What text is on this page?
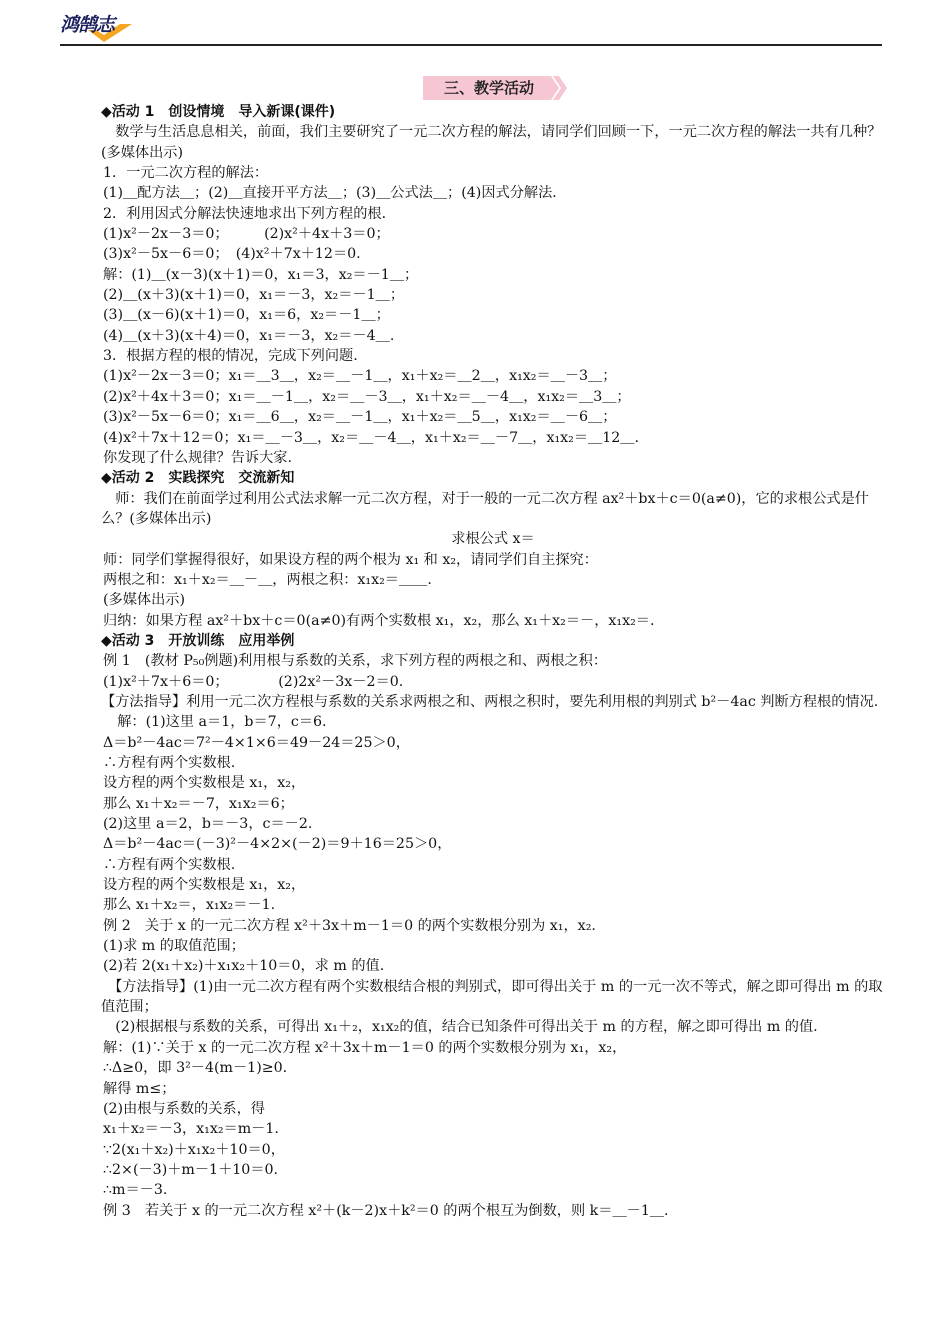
鸿鹄志
三、教学活动
◆活动 1　创设情境　导入新课(课件)
　数学与生活息息相关，前面，我们主要研究了一元二次方程的解法，请同学们回顾一下，一元二次方程的解法一共有几种？(多媒体出示)
1．一元二次方程的解法：
(1)＿配方法＿；(2)＿直接开平方法＿；(3)＿公式法＿；(4)因式分解法．
2．利用因式分解法快速地求出下列方程的根．
(1)x²－2x－3＝0；　　　(2)x²＋4x＋3＝0；
(3)x²－5x－6＝0；　(4)x²＋7x＋12＝0.
解：(1)＿(x－3)(x＋1)＝0，x₁＝3，x₂＝－1＿；
(2)＿(x＋3)(x＋1)＝0，x₁＝－3，x₂＝－1＿；
(3)＿(x－6)(x＋1)＝0，x₁＝6，x₂＝－1＿；
(4)＿(x＋3)(x＋4)＝0，x₁＝－3，x₂＝－4＿.
3．根据方程的根的情况，完成下列问题.
(1)x²－2x－3＝0；x₁＝＿3＿，x₂＝＿－1＿，x₁＋x₂＝＿2＿，x₁x₂＝＿－3＿；
(2)x²＋4x＋3＝0；x₁＝＿－1＿，x₂＝＿－3＿，x₁＋x₂＝＿－4＿，x₁x₂＝＿3＿；
(3)x²－5x－6＝0；x₁＝＿6＿，x₂＝＿－1＿，x₁＋x₂＝＿5＿，x₁x₂＝＿－6＿；
(4)x²＋7x＋12＝0；x₁＝＿－3＿，x₂＝＿－4＿，x₁＋x₂＝＿－7＿，x₁x₂＝＿12＿.
你发现了什么规律？告诉大家.
◆活动 2　实践探究　交流新知
　师：我们在前面学过利用公式法求解一元二次方程，对于一般的一元二次方程 ax²＋bx＋c＝0(a≠0)，它的求根公式是什么？(多媒体出示)
求根公式 x＝
师：同学们掌握得很好，如果设方程的两个根为 x₁ 和 x₂，请同学们自主探究：
两根之和：x₁＋x₂＝＿－＿，两根之积：x₁x₂＝＿＿.
(多媒体出示)
归纳：如果方程 ax²＋bx＋c＝0(a≠0)有两个实数根 x₁，x₂，那么 x₁＋x₂＝－，x₁x₂＝.
◆活动 3　开放训练　应用举例
例 1　(教材 P₅₀例题)利用根与系数的关系，求下列方程的两根之和、两根之积：
(1)x²＋7x＋6＝0；　　　　(2)2x²－3x－2＝0.
【方法指导】利用一元二次方程根与系数的关系求两根之和、两根之积时，要先利用根的判别式 b²－4ac 判断方程根的情况.
　解：(1)这里 a＝1，b＝7，c＝6.
Δ＝b²－4ac＝7²－4×1×6＝49－24＝25＞0，
∴方程有两个实数根.
设方程的两个实数根是 x₁，x₂，
那么 x₁＋x₂＝－7，x₁x₂＝6；
(2)这里 a＝2，b＝－3，c＝－2.
Δ＝b²－4ac＝(－3)²－4×2×(－2)＝9＋16＝25＞0，
∴方程有两个实数根.
设方程的两个实数根是 x₁，x₂，
那么 x₁＋x₂＝，x₁x₂＝－1.
例 2　关于 x 的一元二次方程 x²＋3x＋m－1＝0 的两个实数根分别为 x₁，x₂.
(1)求 m 的取值范围；
(2)若 2(x₁＋x₂)＋x₁x₂＋10＝0，求 m 的值.
　【方法指导】(1)由一元二次方程有两个实数根结合根的判别式，即可得出关于 m 的一元一次不等式，解之即可得出 m 的取值范围；
　(2)根据根与系数的关系，可得出 x₁＋₂，x₁x₂的值，结合已知条件可得出关于 m 的方程，解之即可得出 m 的值.
解：(1)∵关于 x 的一元二次方程 x²＋3x＋m－1＝0 的两个实数根分别为 x₁，x₂，
∴Δ≥0，即 3²－4(m－1)≥0.
解得 m≤；
(2)由根与系数的关系，得
x₁＋x₂＝－3，x₁x₂＝m－1.
∵2(x₁＋x₂)＋x₁x₂＋10＝0，
∴2×(－3)＋m－1＋10＝0.
∴m＝－3.
例 3　若关于 x 的一元二次方程 x²＋(k－2)x＋k²＝0 的两个根互为倒数，则 k＝＿－1＿.
